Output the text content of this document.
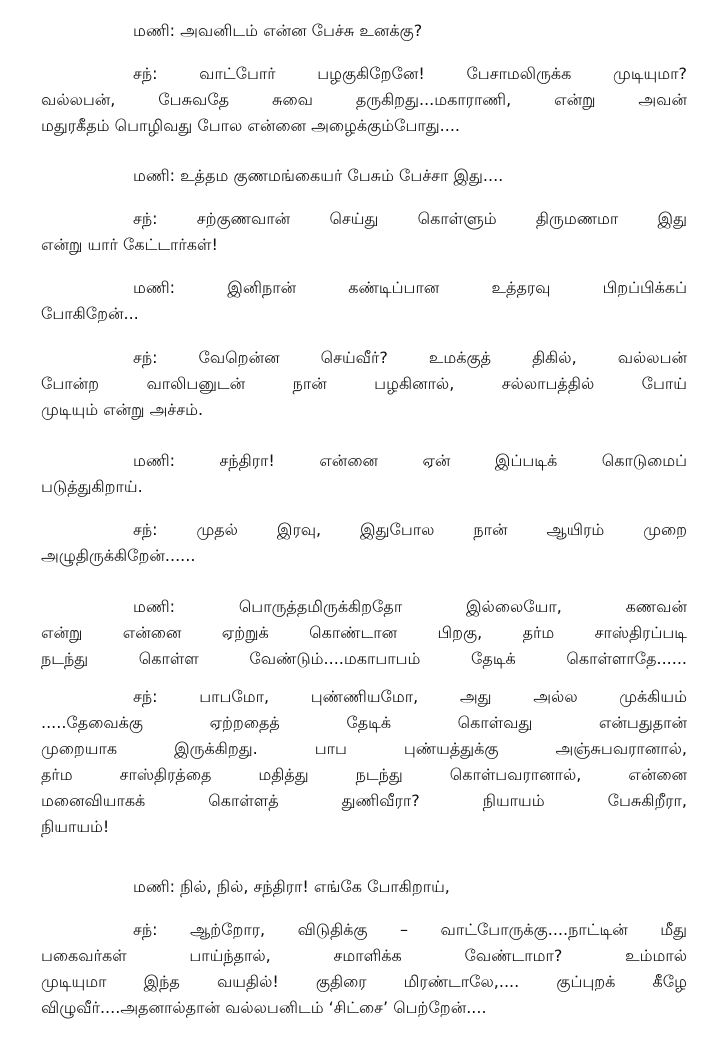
மணி: அவனிடம் என்ன பேச்சு உனக்கு?
சந்: வாட்போர் பழகுகிறேனே! பேசாமலிருக்க முடியுமா?
வல்லபன், பேசுவதே சுவை தருகிறது...மகாராணி, என்று அவன்
மதுரகீதம் பொழிவது போல என்னை அழைக்கும்போது....
மணி: உத்தம குணமங்கையர் பேசும் பேச்சா இது....
சந்: சற்குணவான் செய்து கொள்ளும் திருமணமா இது
என்று யார் கேட்டார்கள்!
மணி: இனிநான் கண்டிப்பான உத்தரவு பிறப்பிக்கப்
போகிறேன்...
சந்: வேறென்ன செய்வீர்? உமக்குத் திகில், வல்லபன்
போன்ற வாலிபனுடன் நான் பழகினால், சல்லாபத்தில் போய்
முடியும் என்று அச்சம்.
மணி: சந்திரா! என்னை ஏன் இப்படிக் கொடுமைப்
படுத்துகிறாய்.
சந்: முதல் இரவு, இதுபோல நான் ஆயிரம் முறை
அழுதிருக்கிறேன்......
மணி: பொருத்தமிருக்கிறதோ இல்லையோ, கணவன்
என்று என்னை ஏற்றுக் கொண்டான பிறகு, தர்ம சாஸ்திரப்படி
நடந்து கொள்ள வேண்டும்....மகாபாபம் தேடிக் கொள்ளாதே......
சந்: பாபமோ, புண்ணியமோ, அது அல்ல முக்கியம்
.....தேவைக்கு ஏற்றதைத் தேடிக் கொள்வது என்பதுதான்
முறையாக இருக்கிறது. பாப புண்யத்துக்கு அஞ்சுபவரானால்,
தர்ம சாஸ்திரத்தை மதித்து நடந்து கொள்பவரானால், என்னை
மனைவியாகக் கொள்ளத் துணிவீரா? நியாயம் பேசுகிறீரா,
நியாயம்!
மணி: நில், நில், சந்திரா! எங்கே போகிறாய்,
சந்: ஆற்றோர, விடுதிக்கு – வாட்போருக்கு....நாட்டின் மீது
பகைவர்கள் பாய்ந்தால், சமாளிக்க வேண்டாமா? உம்மால்
முடியுமா இந்த வயதில்! குதிரை மிரண்டாலே,.... குப்புறக் கீழே
விழுவீர்....அதனால்தான் வல்லபனிடம் ‘சிட்சை’ பெற்றேன்....
